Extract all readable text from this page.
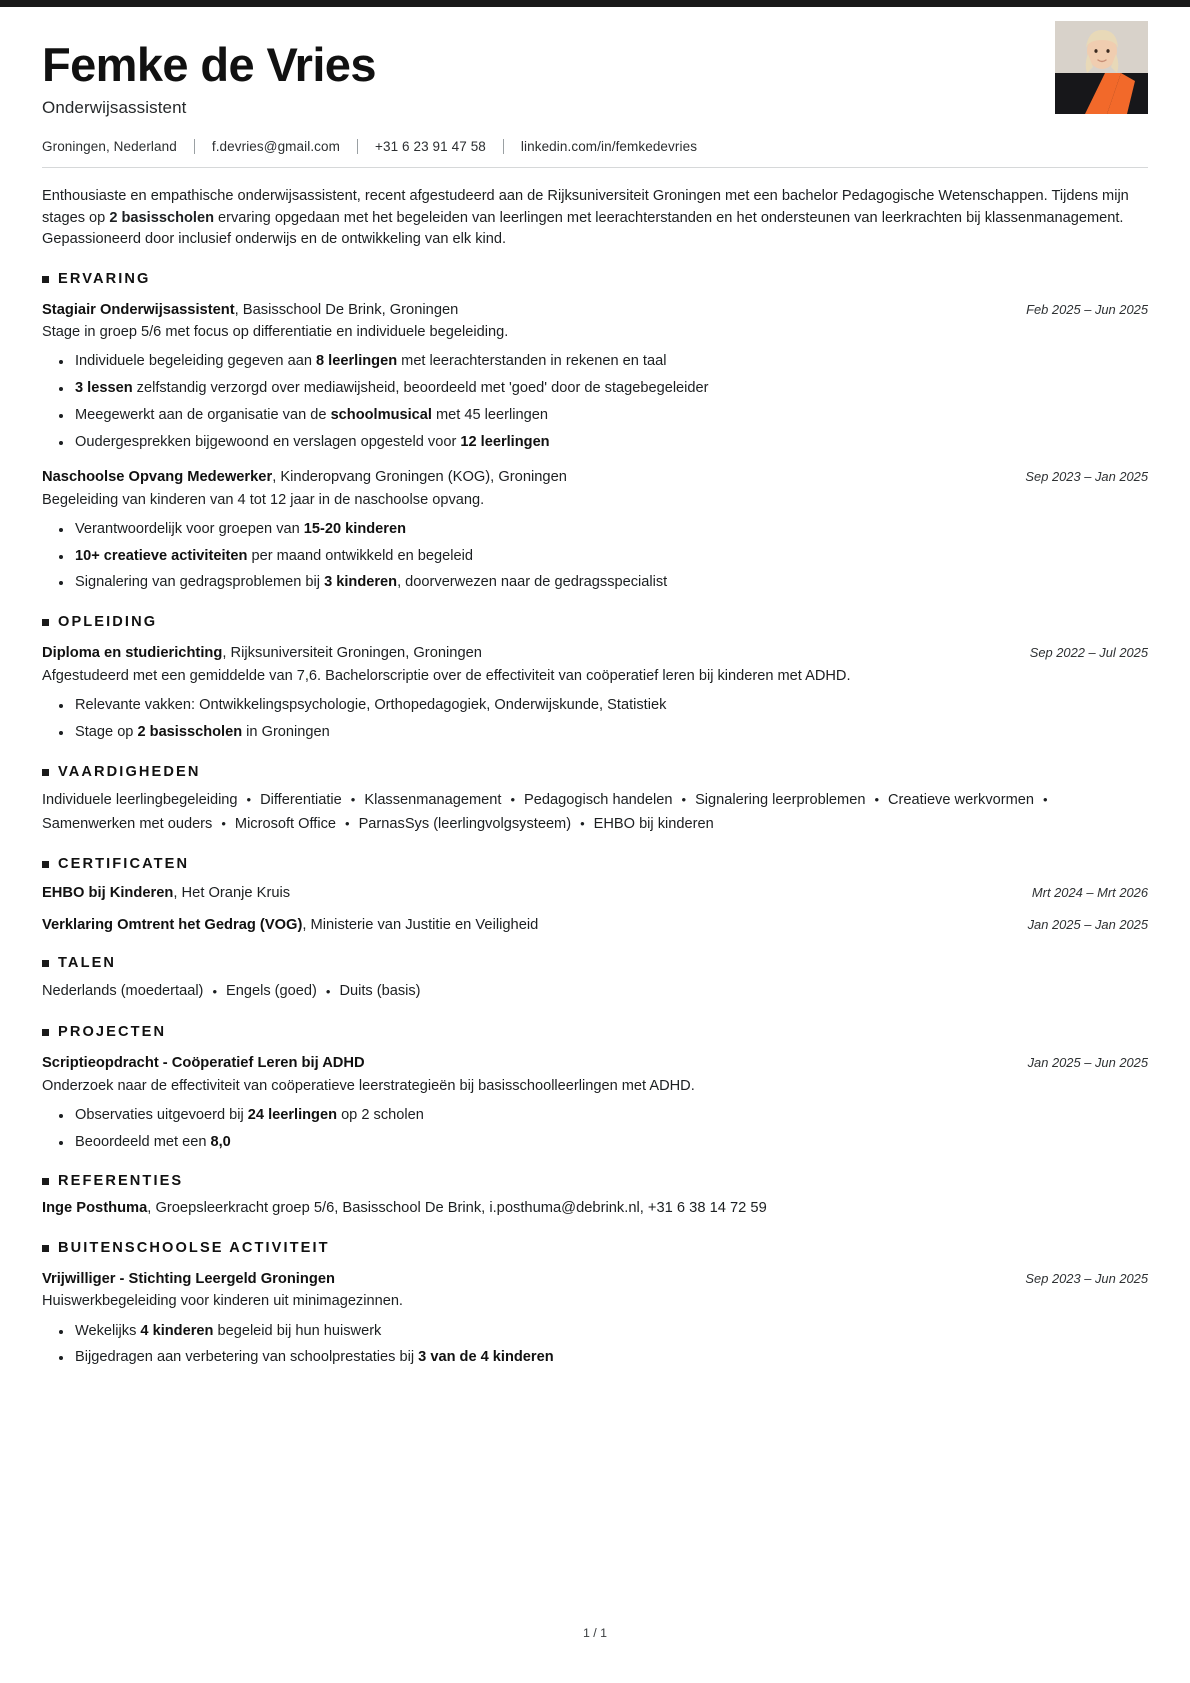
Femke de Vries
Onderwijsassistent
Groningen, Nederland	f.devries@gmail.com	+31 6 23 91 47 58	linkedin.com/in/femkedevries
Enthousiaste en empathische onderwijsassistent, recent afgestudeerd aan de Rijksuniversiteit Groningen met een bachelor Pedagogische Wetenschappen. Tijdens mijn stages op 2 basisscholen ervaring opgedaan met het begeleiden van leerlingen met leerachterstanden en het ondersteunen van leerkrachten bij klassenmanagement. Gepassioneerd door inclusief onderwijs en de ontwikkeling van elk kind.
ERVARING
Stagiair Onderwijsassistent, Basisschool De Brink, Groningen	Feb 2025 – Jun 2025
Stage in groep 5/6 met focus op differentiatie en individuele begeleiding.
Individuele begeleiding gegeven aan 8 leerlingen met leerachterstanden in rekenen en taal
3 lessen zelfstandig verzorgd over mediawijsheid, beoordeeld met 'goed' door de stagebegeleider
Meegewerkt aan de organisatie van de schoolmusical met 45 leerlingen
Oudergesprekken bijgewoond en verslagen opgesteld voor 12 leerlingen
Naschoolse Opvang Medewerker, Kinderopvang Groningen (KOG), Groningen	Sep 2023 – Jan 2025
Begeleiding van kinderen van 4 tot 12 jaar in de naschoolse opvang.
Verantwoordelijk voor groepen van 15-20 kinderen
10+ creatieve activiteiten per maand ontwikkeld en begeleid
Signalering van gedragsproblemen bij 3 kinderen, doorverwezen naar de gedragsspecialist
OPLEIDING
Diploma en studierichting, Rijksuniversiteit Groningen, Groningen	Sep 2022 – Jul 2025
Afgestudeerd met een gemiddelde van 7,6. Bachelorscriptie over de effectiviteit van coöperatief leren bij kinderen met ADHD.
Relevante vakken: Ontwikkelingspsychologie, Orthopedagogiek, Onderwijskunde, Statistiek
Stage op 2 basisscholen in Groningen
VAARDIGHEDEN
Individuele leerlingbegeleiding • Differentiatie • Klassenmanagement • Pedagogisch handelen • Signalering leerproblemen • Creatieve werkvormen •Samenwerken met ouders • Microsoft Office • ParnasSys (leerlingvolgsysteem) • EHBO bij kinderen
CERTIFICATEN
EHBO bij Kinderen, Het Oranje Kruis	Mrt 2024 – Mrt 2026
Verklaring Omtrent het Gedrag (VOG), Ministerie van Justitie en Veiligheid	Jan 2025 – Jan 2025
TALEN
Nederlands (moedertaal) • Engels (goed) • Duits (basis)
PROJECTEN
Scriptieopdracht - Coöperatief Leren bij ADHD	Jan 2025 – Jun 2025
Onderzoek naar de effectiviteit van coöperatieve leerstrategieën bij basisschoolleerlingen met ADHD.
Observaties uitgevoerd bij 24 leerlingen op 2 scholen
Beoordeeld met een 8,0
REFERENTIES
Inge Posthuma, Groepsleerkracht groep 5/6, Basisschool De Brink, i.posthuma@debrink.nl, +31 6 38 14 72 59
BUITENSCHOOLSE ACTIVITEIT
Vrijwilliger - Stichting Leergeld Groningen	Sep 2023 – Jun 2025
Huiswerkbegeleiding voor kinderen uit minimagezinnen.
Wekelijks 4 kinderen begeleid bij hun huiswerk
Bijgedragen aan verbetering van schoolprestaties bij 3 van de 4 kinderen
1 / 1
